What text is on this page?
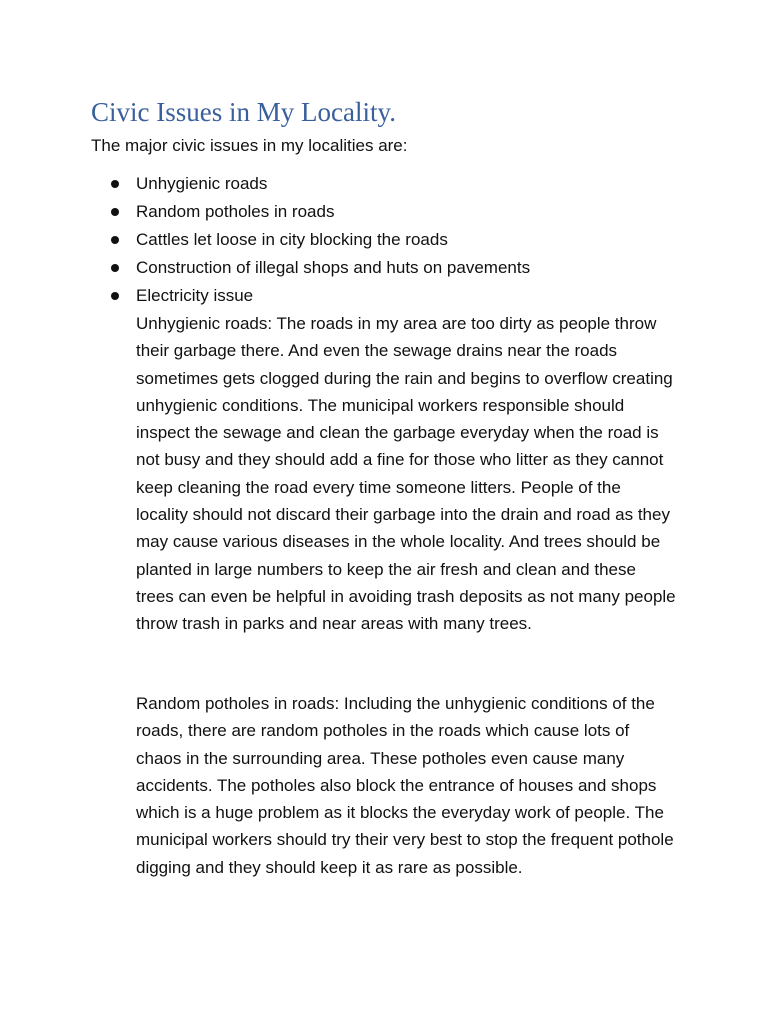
Civic Issues in My Locality.

The major civic issues in my localities are:

Unhygienic roads
Random potholes in roads
Cattles let loose in city blocking the roads
Construction of illegal shops and huts on pavements
Electricity issue

Unhygienic roads: The roads in my area are too dirty as people throw their garbage there. And even the sewage drains near the roads sometimes gets clogged during the rain and begins to overflow creating unhygienic conditions. The municipal workers responsible should inspect the sewage and clean the garbage everyday when the road is not busy and they should add a fine for those who litter as they cannot keep cleaning the road every time someone litters. People of the locality should not discard their garbage into the drain and road as they may cause various diseases in the whole locality. And trees should be planted in large numbers to keep the air fresh and clean and these trees can even be helpful in avoiding trash deposits as not many people throw trash in parks and near areas with many trees.

Random potholes in roads: Including the unhygienic conditions of the roads, there are random potholes in the roads which cause lots of chaos in the surrounding area. These potholes even cause many accidents. The potholes also block the entrance of houses and shops which is a huge problem as it blocks the everyday work of people. The municipal workers should try their very best to stop the frequent pothole digging and they should keep it as rare as possible.
